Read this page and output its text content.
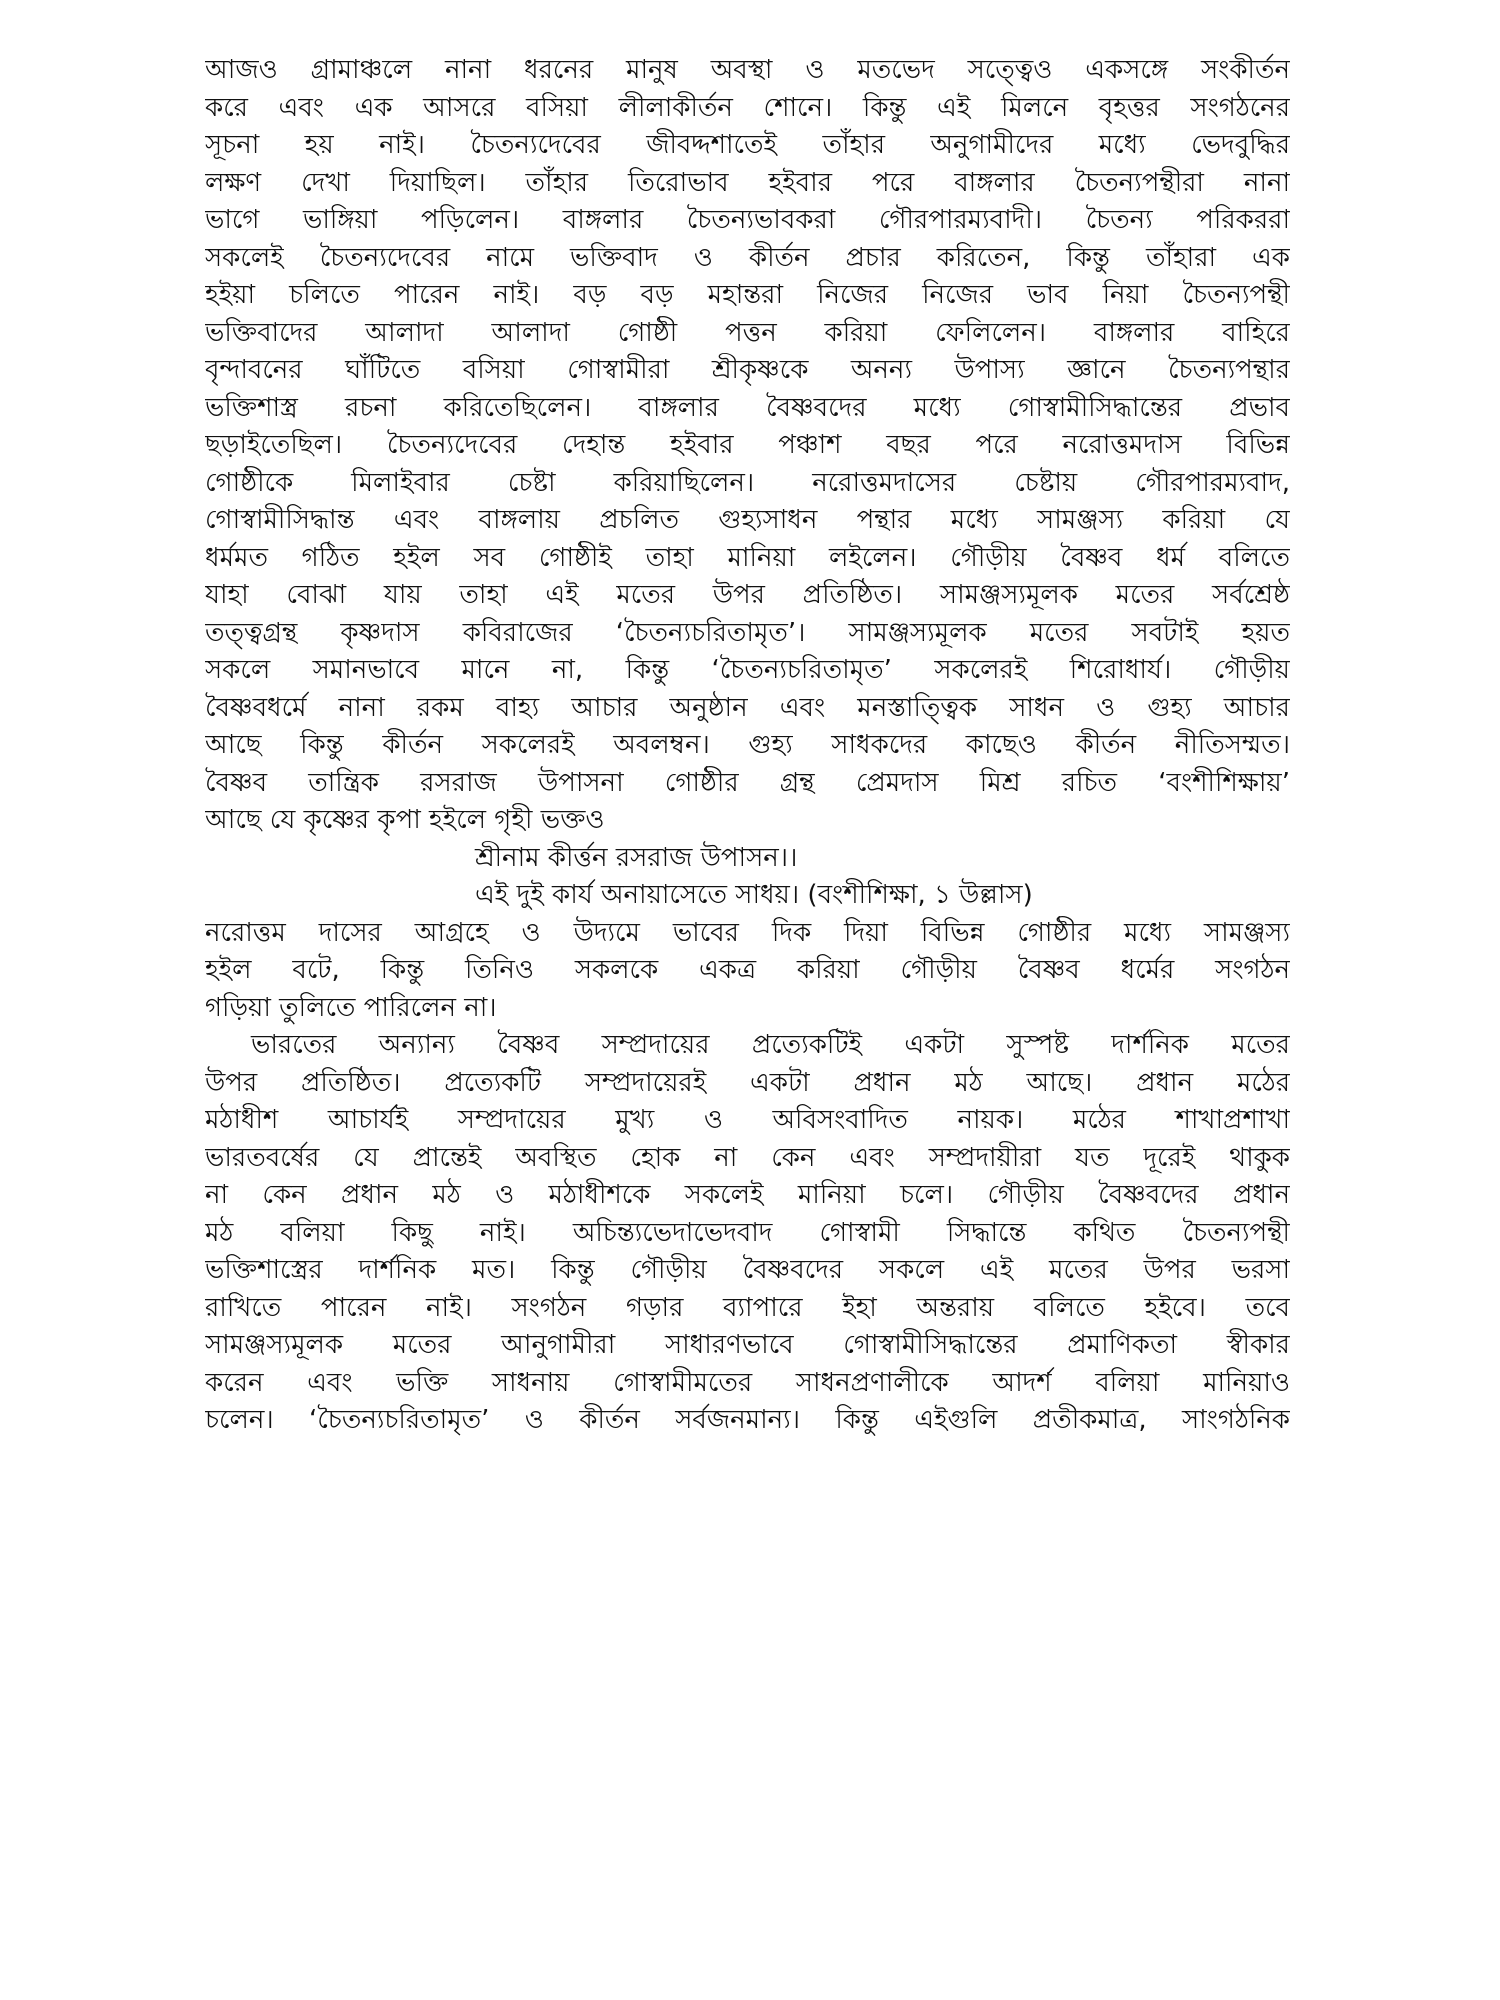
আজও গ্রামাঞ্চলে নানা ধরনের মানুষ অবস্থা ও মতভেদ সত্ত্বেও একসঙ্গে সংকীর্তন
করে এবং এক আসরে বসিয়া লীলাকীর্তন শোনে। কিন্তু এই মিলনে বৃহত্তর সংগঠনের
সূচনা হয় নাই। চৈতন্যদেবের জীবদ্দশাতেই তাঁহার অনুগামীদের মধ্যে ভেদবুদ্ধির
লক্ষণ দেখা দিয়াছিল। তাঁহার তিরোভাব হইবার পরে বাঙ্গলার চৈতন্যপন্থীরা নানা
ভাগে ভাঙ্গিয়া পড়িলেন। বাঙ্গলার চৈতন্যভাবকরা গৌরপারম্যবাদী। চৈতন্য পরিকররা
সকলেই চৈতন্যদেবের নামে ভক্তিবাদ ও কীর্তন প্রচার করিতেন, কিন্তু তাঁহারা এক
হইয়া চলিতে পারেন নাই। বড় বড় মহান্তরা নিজের নিজের ভাব নিয়া চৈতন্যপন্থী
ভক্তিবাদের আলাদা আলাদা গোষ্ঠী পত্তন করিয়া ফেলিলেন। বাঙ্গলার বাহিরে
বৃন্দাবনের ঘাঁটিতে বসিয়া গোস্বামীরা শ্রীকৃষ্ণকে অনন্য উপাস্য জ্ঞানে চৈতন্যপন্থার
ভক্তিশাস্ত্র রচনা করিতেছিলেন। বাঙ্গলার বৈষ্ণবদের মধ্যে গোস্বামীসিদ্ধান্তের প্রভাব
ছড়াইতেছিল। চৈতন্যদেবের দেহান্ত হইবার পঞ্চাশ বছর পরে নরোত্তমদাস বিভিন্ন
গোষ্ঠীকে মিলাইবার চেষ্টা করিয়াছিলেন। নরোত্তমদাসের চেষ্টায় গৌরপারম্যবাদ,
গোস্বামীসিদ্ধান্ত এবং বাঙ্গলায় প্রচলিত গুহ্যসাধন পন্থার মধ্যে সামঞ্জস্য করিয়া যে
ধর্মমত গঠিত হইল সব গোষ্ঠীই তাহা মানিয়া লইলেন। গৌড়ীয় বৈষ্ণব ধর্ম বলিতে
যাহা বোঝা যায় তাহা এই মতের উপর প্রতিষ্ঠিত। সামঞ্জস্যমূলক মতের সর্বশ্রেষ্ঠ
তত্ত্বগ্রন্থ কৃষ্ণদাস কবিরাজের ‘চৈতন্যচরিতামৃত’। সামঞ্জস্যমূলক মতের সবটাই হয়ত
সকলে সমানভাবে মানে না, কিন্তু ‘চৈতন্যচরিতামৃত’ সকলেরই শিরোধার্য। গৌড়ীয়
বৈষ্ণবধর্মে নানা রকম বাহ্য আচার অনুষ্ঠান এবং মনস্তাত্ত্বিক সাধন ও গুহ্য আচার
আছে কিন্তু কীর্তন সকলেরই অবলম্বন। গুহ্য সাধকদের কাছেও কীর্তন নীতিসম্মত।
বৈষ্ণব তান্ত্রিক রসরাজ উপাসনা গোষ্ঠীর গ্রন্থ প্রেমদাস মিশ্র রচিত ‘বংশীশিক্ষায়’
আছে যে কৃষ্ণের কৃপা হইলে গৃহী ভক্তও
শ্রীনাম কীর্ত্তন রসরাজ উপাসন।।
এই দুই কার্য অনায়াসেতে সাধয়। (বংশীশিক্ষা, ১ উল্লাস)
নরোত্তম দাসের আগ্রহে ও উদ্যমে ভাবের দিক দিয়া বিভিন্ন গোষ্ঠীর মধ্যে সামঞ্জস্য
হইল বটে, কিন্তু তিনিও সকলকে একত্র করিয়া গৌড়ীয় বৈষ্ণব ধর্মের সংগঠন
গড়িয়া তুলিতে পারিলেন না।
ভারতের অন্যান্য বৈষ্ণব সম্প্রদায়ের প্রত্যেকটিই একটা সুস্পষ্ট দার্শনিক মতের
উপর প্রতিষ্ঠিত। প্রত্যেকটি সম্প্রদায়েরই একটা প্রধান মঠ আছে। প্রধান মঠের
মঠাধীশ আচার্যই সম্প্রদায়ের মুখ্য ও অবিসংবাদিত নায়ক। মঠের শাখাপ্রশাখা
ভারতবর্ষের যে প্রান্তেই অবস্থিত হোক না কেন এবং সম্প্রদায়ীরা যত দূরেই থাকুক
না কেন প্রধান মঠ ও মঠাধীশকে সকলেই মানিয়া চলে। গৌড়ীয় বৈষ্ণবদের প্রধান
মঠ বলিয়া কিছু নাই। অচিন্ত্যভেদাভেদবাদ গোস্বামী সিদ্ধান্তে কথিত চৈতন্যপন্থী
ভক্তিশাস্ত্রের দার্শনিক মত। কিন্তু গৌড়ীয় বৈষ্ণবদের সকলে এই মতের উপর ভরসা
রাখিতে পারেন নাই। সংগঠন গড়ার ব্যাপারে ইহা অন্তরায় বলিতে হইবে। তবে
সামঞ্জস্যমূলক মতের আনুগামীরা সাধারণভাবে গোস্বামীসিদ্ধান্তের প্রমাণিকতা স্বীকার
করেন এবং ভক্তি সাধনায় গোস্বামীমতের সাধনপ্রণালীকে আদর্শ বলিয়া মানিয়াও
চলেন। ‘চৈতন্যচরিতামৃত’ ও কীর্তন সর্বজনমান্য। কিন্তু এইগুলি প্রতীকমাত্র, সাংগঠনিক
